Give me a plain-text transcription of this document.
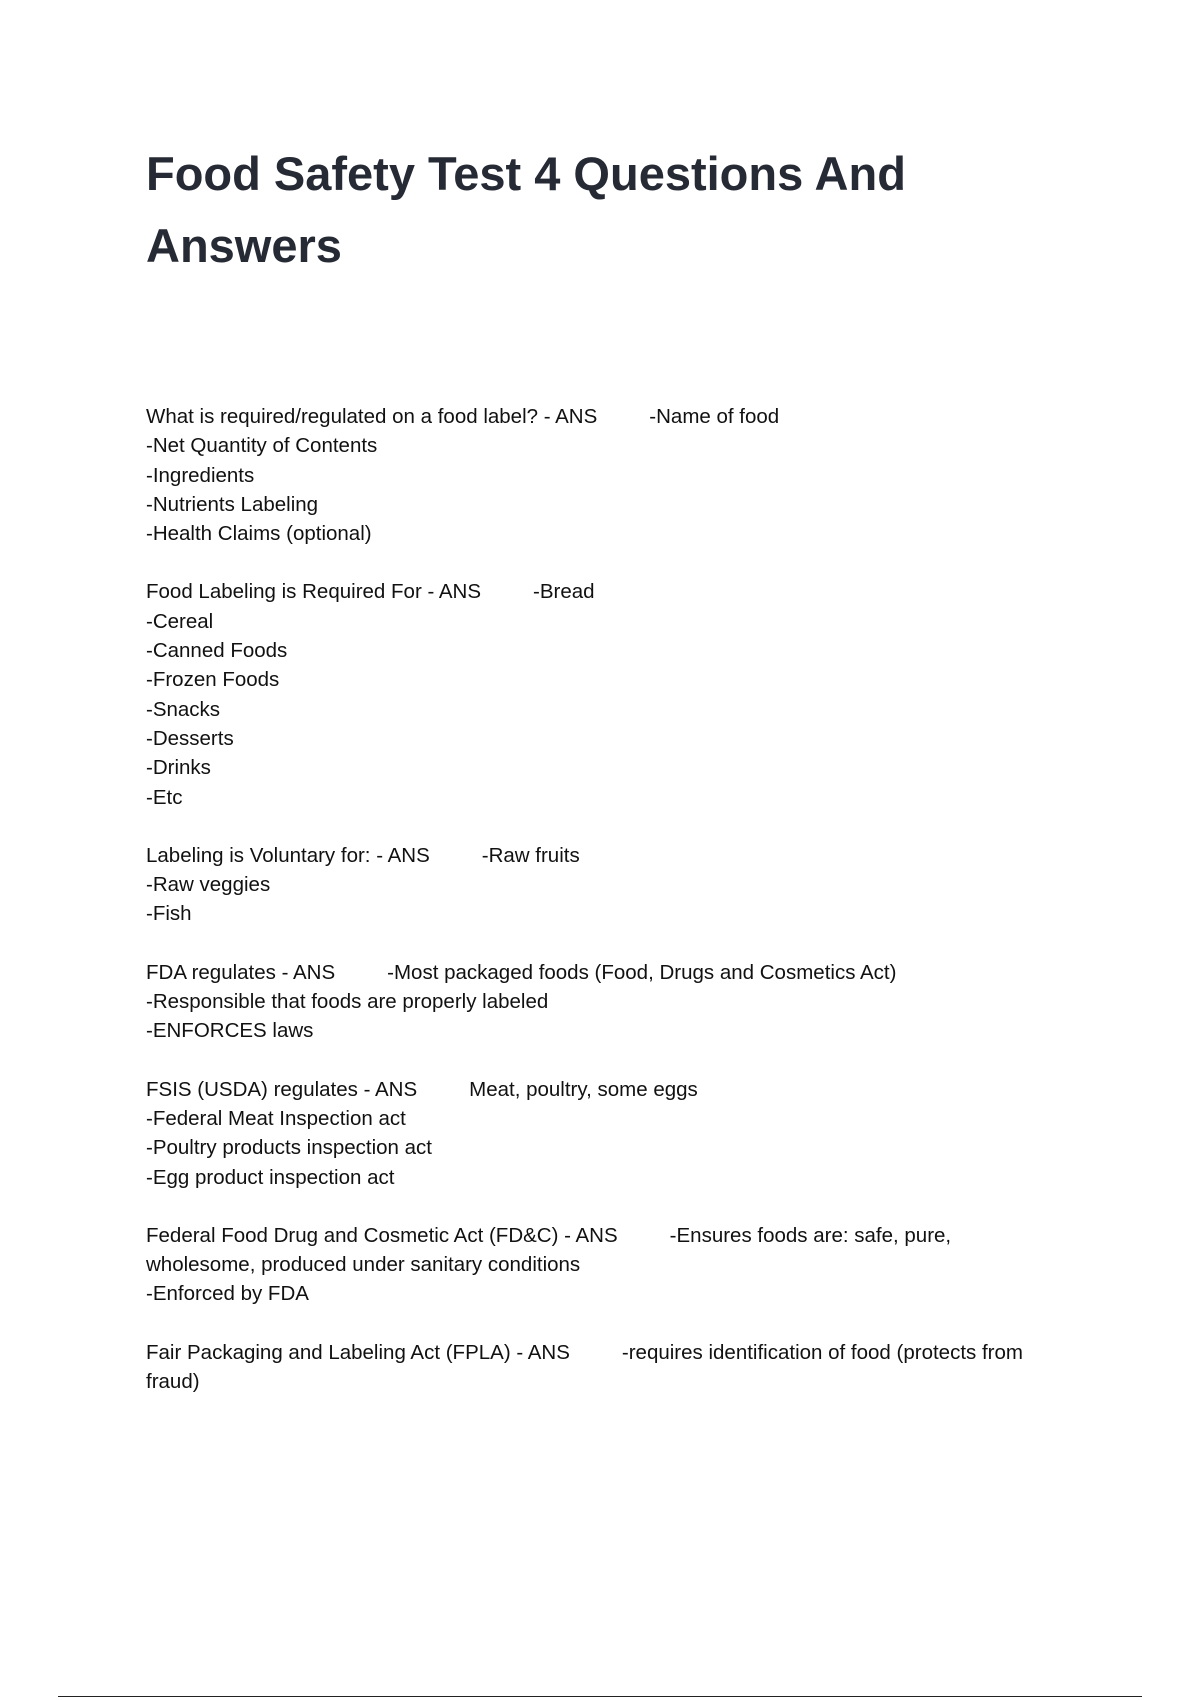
Food Safety Test 4 Questions And Answers
What is required/regulated on a food label? - ANS	-Name of food
-Net Quantity of Contents
-Ingredients
-Nutrients Labeling
-Health Claims (optional)
Food Labeling is Required For - ANS	-Bread
-Cereal
-Canned Foods
-Frozen Foods
-Snacks
-Desserts
-Drinks
-Etc
Labeling is Voluntary for: - ANS	-Raw fruits
-Raw veggies
-Fish
FDA regulates - ANS	-Most packaged foods (Food, Drugs and Cosmetics Act)
-Responsible that foods are properly labeled
-ENFORCES laws
FSIS (USDA) regulates - ANS	Meat, poultry, some eggs
-Federal Meat Inspection act
-Poultry products inspection act
-Egg product inspection act
Federal Food Drug and Cosmetic Act (FD&C) - ANS	-Ensures foods are: safe, pure, wholesome, produced under sanitary conditions
-Enforced by FDA
Fair Packaging and Labeling Act (FPLA) - ANS	-requires identification of food (protects from fraud)
